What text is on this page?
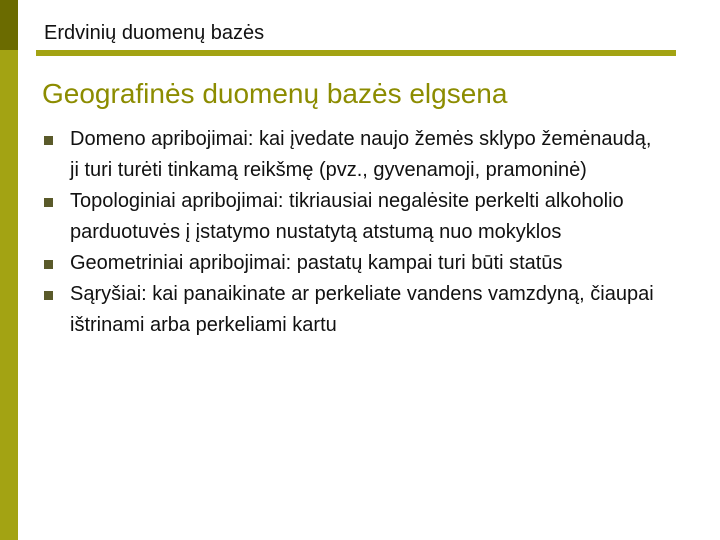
Erdvinių duomenų bazės
Geografinės duomenų bazės elgsena
Domeno apribojimai: kai įvedate naujo žemės sklypo žemėnaudą, ji turi turėti tinkamą reikšmę (pvz., gyvenamoji, pramoninė)
Topologiniai apribojimai: tikriausiai negalėsite perkelti alkoholio parduotuvės į įstatymo nustatytą atstumą nuo mokyklos
Geometriniai apribojimai: pastatų kampai turi būti statūs
Sąryšiai: kai panaikinate ar perkeliate vandens vamzdyną, čiaupai ištrinami arba perkeliami kartu
